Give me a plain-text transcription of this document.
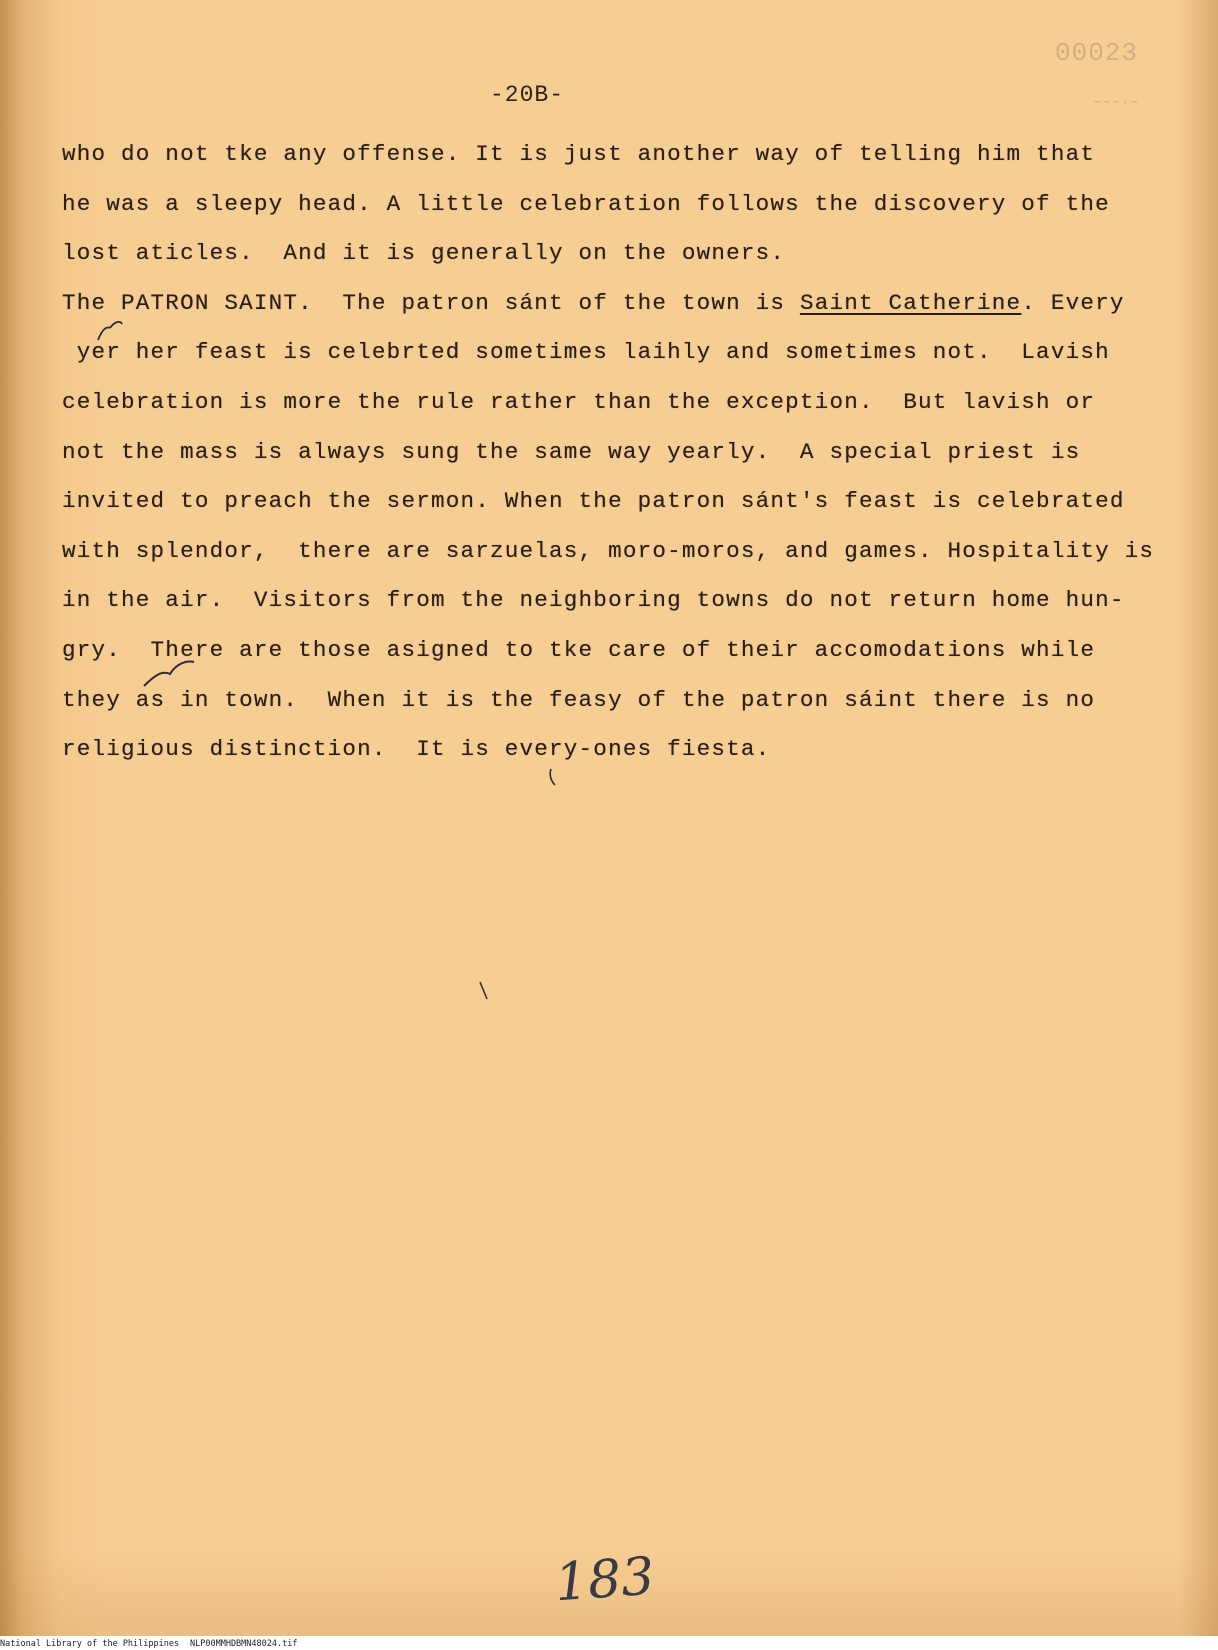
00023
~~~·~
-20B-
who do not tke any offense. It is just another way of telling him that
he was a sleepy head. A little celebration follows the discovery of the
lost aticles.  And it is generally on the owners.
The PATRON SAINT.  The patron sánt of the town is Saint Catherine. Every
yer her feast is celebrted sometimes laihly and sometimes not.  Lavish
celebration is more the rule rather than the exception.  But lavish or
not the mass is always sung the same way yearly.  A special priest is
invited to preach the sermon. When the patron sánt's feast is celebrated
with splendor,  there are sarzuelas, moro-moros, and games. Hospitality is
in the air.  Visitors from the neighboring towns do not return home hun-
gry.  There are those asigned to tke care of their accomodations while
they as in town.  When it is the feasy of the patron sáint there is no
religious distinction.  It is every-ones fiesta.
183
National Library of the Philippines NLP00MMHDBMN48024.tif
